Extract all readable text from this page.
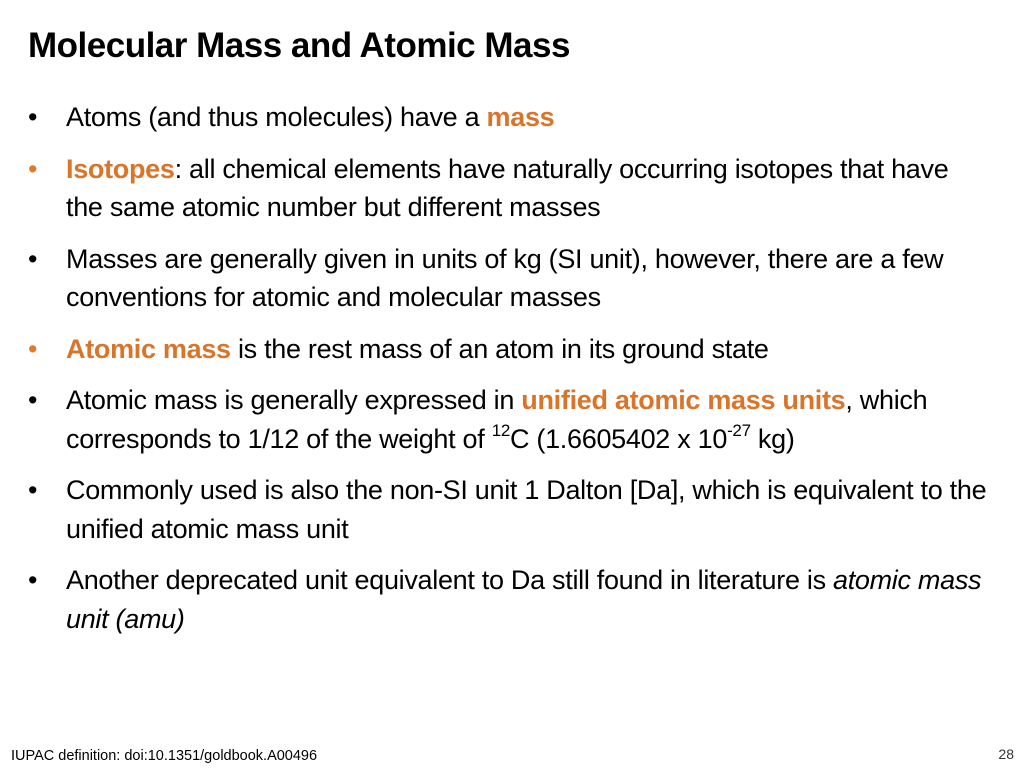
Molecular Mass and Atomic Mass
•	Atoms (and thus molecules) have a mass
•	Isotopes: all chemical elements have naturally occurring isotopes that have the same atomic number but different masses
•	Masses are generally given in units of kg (SI unit), however, there are a few conventions for atomic and molecular masses
•	Atomic mass is the rest mass of an atom in its ground state
•	Atomic mass is generally expressed in unified atomic mass units, which corresponds to 1/12 of the weight of $^{12}$C (1.6605402 x $10^{-27}$ kg)
•	Commonly used is also the non-SI unit 1 Dalton [Da], which is equivalent to the unified atomic mass unit
•	Another deprecated unit equivalent to Da still found in literature is atomic mass unit (amu)
IUPAC definition: doi:10.1351/goldbook.A00496	28
